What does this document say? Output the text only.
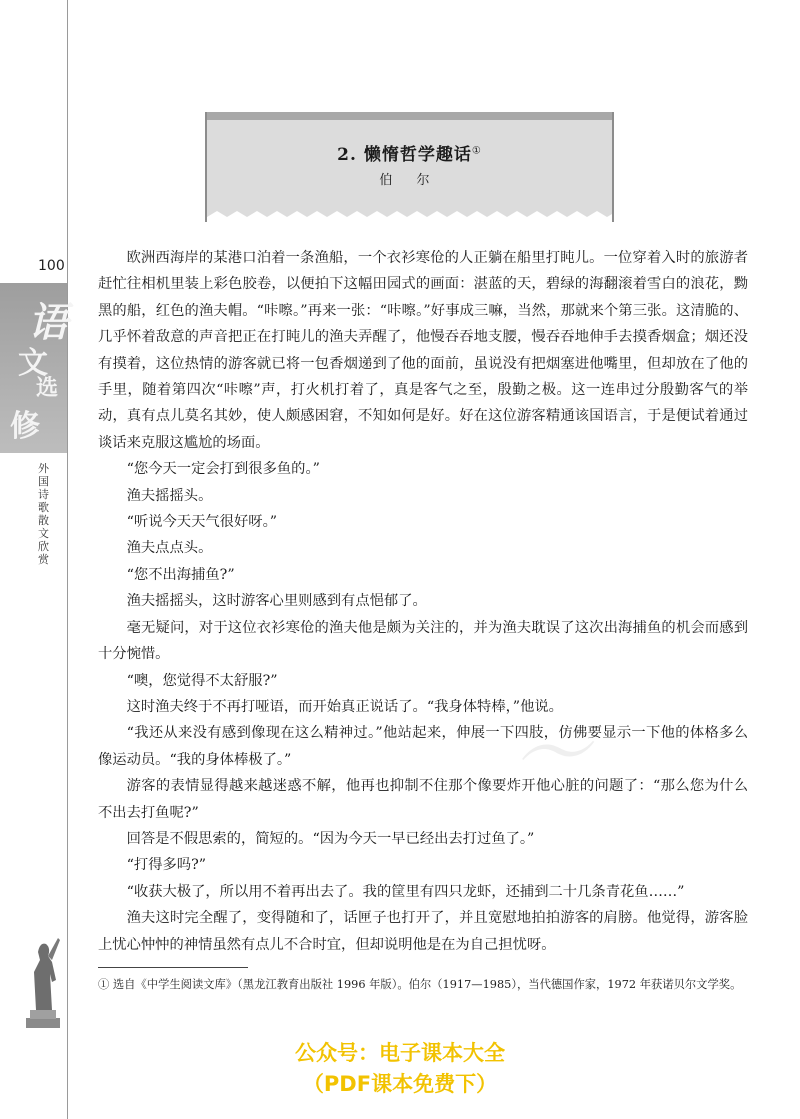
100
语
文
选
修
外国诗歌散文欣赏
2. 懒惰哲学趣话①
伯 尔
～

欧洲西海岸的某港口泊着一条渔船，一个衣衫寒伧的人正躺在船里打盹儿。一位穿着入时的旅游者赶忙往相机里装上彩色胶卷，以便拍下这幅田园式的画面：湛蓝的天，碧绿的海翻滚着雪白的浪花，黝黑的船，红色的渔夫帽。“咔嚓。”再来一张：“咔嚓。”好事成三嘛，当然，那就来个第三张。这清脆的、几乎怀着敌意的声音把正在打盹儿的渔夫弄醒了，他慢吞吞地支腰，慢吞吞地伸手去摸香烟盒；烟还没有摸着，这位热情的游客就已将一包香烟递到了他的面前，虽说没有把烟塞进他嘴里，但却放在了他的手里，随着第四次“咔嚓”声，打火机打着了，真是客气之至，殷勤之极。这一连串过分殷勤客气的举动，真有点儿莫名其妙，使人颇感困窘，不知如何是好。好在这位游客精通该国语言，于是便试着通过谈话来克服这尴尬的场面。

“您今天一定会打到很多鱼的。”

渔夫摇摇头。

“听说今天天气很好呀。”

渔夫点点头。

“您不出海捕鱼?”

渔夫摇摇头，这时游客心里则感到有点悒郁了。

毫无疑问，对于这位衣衫寒伧的渔夫他是颇为关注的，并为渔夫耽误了这次出海捕鱼的机会而感到十分惋惜。

“噢，您觉得不太舒服?”

这时渔夫终于不再打哑语，而开始真正说话了。“我身体特棒，”他说。

“我还从来没有感到像现在这么精神过。”他站起来，伸展一下四肢，仿佛要显示一下他的体格多么像运动员。“我的身体棒极了。”

游客的表情显得越来越迷惑不解，他再也抑制不住那个像要炸开他心脏的问题了：“那么您为什么不出去打鱼呢?”

回答是不假思索的，简短的。“因为今天一早已经出去打过鱼了。”

“打得多吗?”

“收获大极了，所以用不着再出去了。我的筐里有四只龙虾，还捕到二十几条青花鱼……”

渔夫这时完全醒了，变得随和了，话匣子也打开了，并且宽慰地拍拍游客的肩膀。他觉得，游客脸上忧心忡忡的神情虽然有点儿不合时宜，但却说明他是在为自己担忧呀。

① 选自《中学生阅读文库》（黑龙江教育出版社 1996 年版）。伯尔（1917—1985），当代德国作家，1972 年获诺贝尔文学奖。
公众号：电子课本大全
（PDF课本免费下）
